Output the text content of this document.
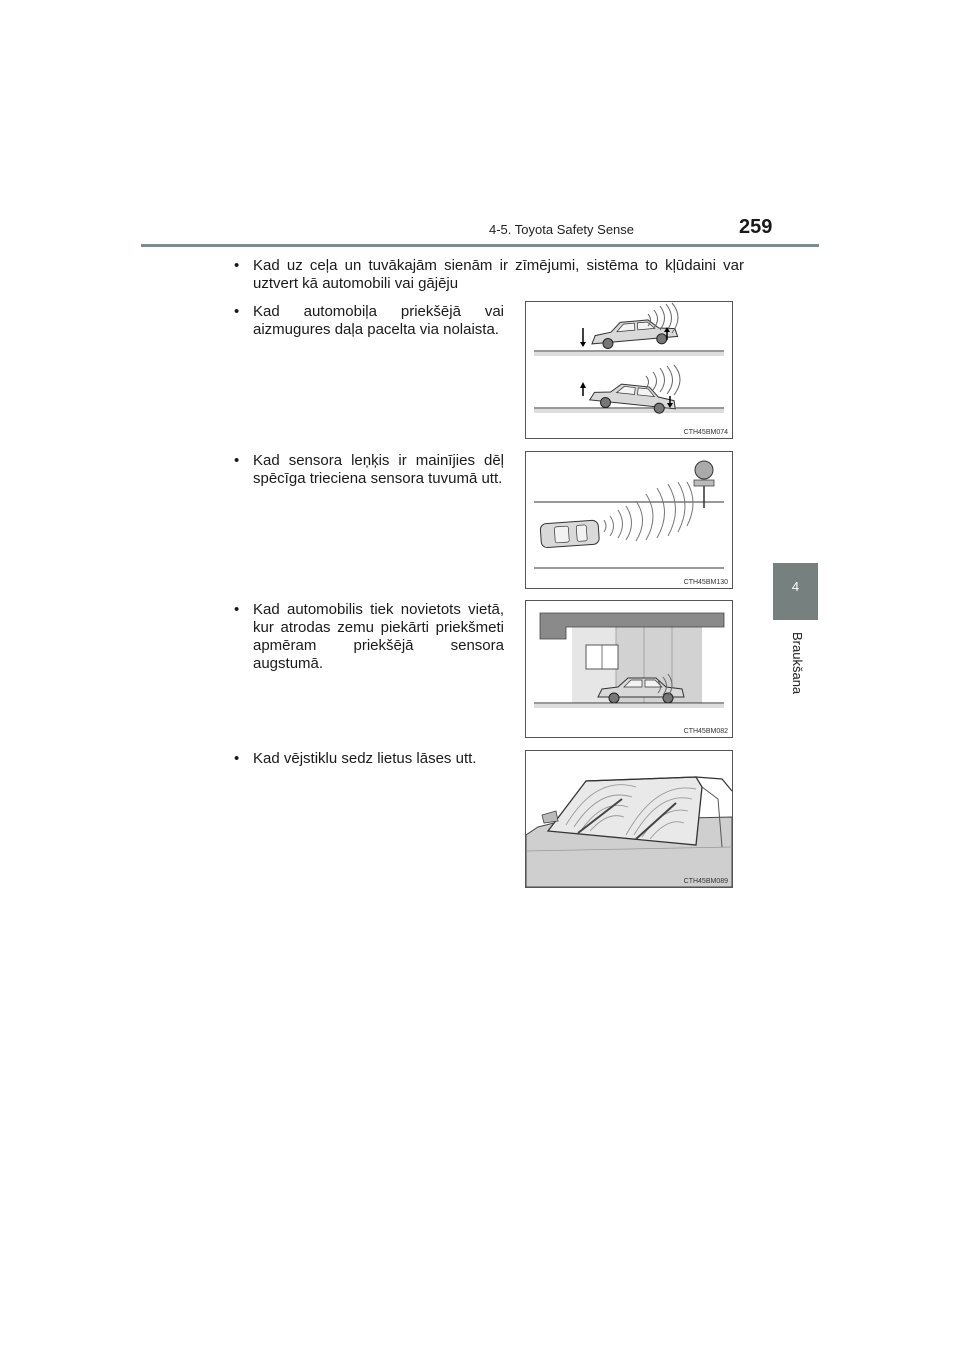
4-5. Toyota Safety Sense	259
4
Braukšana
• Kad uz ceļa un tuvākajām sienām ir zīmējumi, sistēma to kļūdaini var uztvert kā automobili vai gājēju
• Kad automobiļa priekšējā vai aizmugures daļa pacelta via nolaista.
• Kad sensora leņķis ir mainījies dēļ spēcīga trieciena sensora tuvumā utt.
• Kad automobilis tiek novietots vietā, kur atrodas zemu piekārti priekšmeti apmēram priekšējā sensora augstumā.
• Kad vējstiklu sedz lietus lāses utt.
CTH45BM074
CTH45BM130
CTH45BM082
CTH45BM089
